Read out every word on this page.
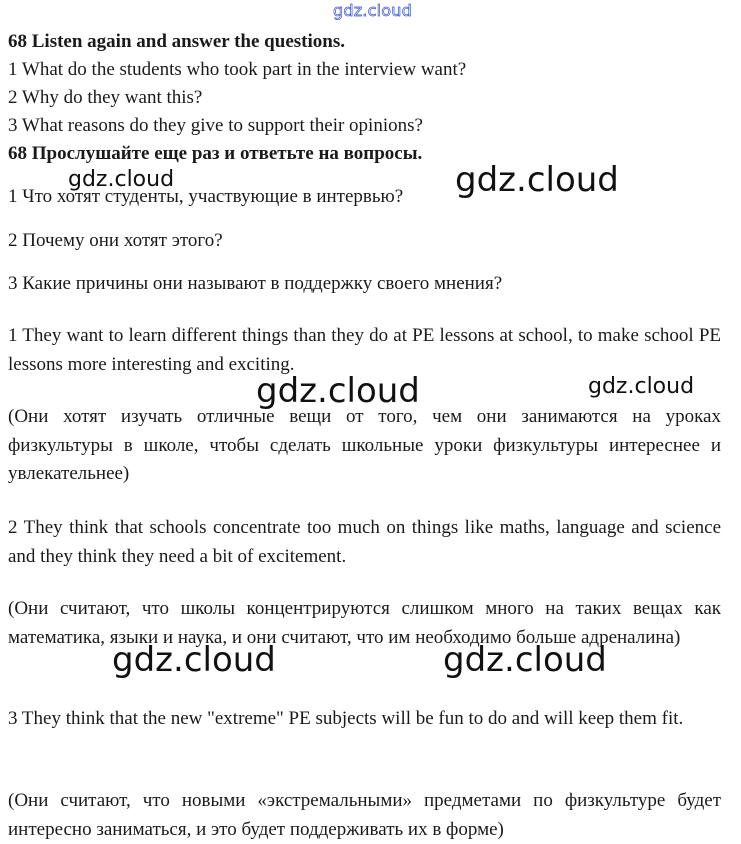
gdz.cloud
68 Listen again and answer the questions.
1 What do the students who took part in the interview want?
2 Why do they want this?
3 What reasons do they give to support their opinions?
68 Прослушайте еще раз и ответьте на вопросы.
1 Что хотят студенты, участвующие в интервью?
2 Почему они хотят этого?
3 Какие причины они называют в поддержку своего мнения?
1 They want to learn different things than they do at PE lessons at school, to make school PE lessons more interesting and exciting.
(Они хотят изучать отличные вещи от того, чем они занимаются на уроках физкультуры в школе, чтобы сделать школьные уроки физкультуры интереснее и увлекательнее)
2 They think that schools concentrate too much on things like maths, language and science and they think they need a bit of excitement.
(Они считают, что школы концентрируются слишком много на таких вещах как математика, языки и наука, и они считают, что им необходимо больше адреналина)
3 They think that the new "extreme" PE subjects will be fun to do and will keep them fit.
(Они считают, что новыми «экстремальными» предметами по физкультуре будет интересно заниматься, и это будет поддерживать их в форме)
gdz.cloud	gdz.cloud
gdz.cloud	gdz.cloud
gdz.cloud	gdz.cloud
